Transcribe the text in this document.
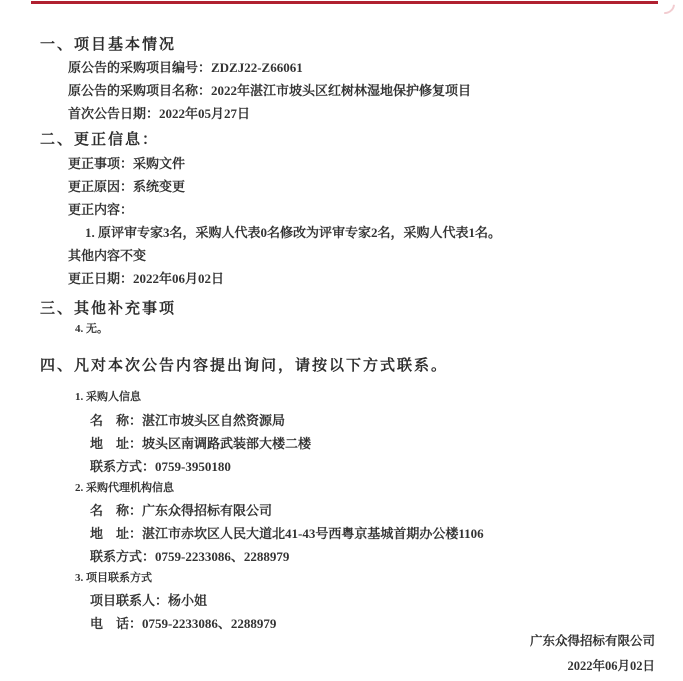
一、项目基本情况
原公告的采购项目编号：ZDZJ22-Z66061
原公告的采购项目名称：2022年湛江市坡头区红树林湿地保护修复项目
首次公告日期：2022年05月27日
二、更正信息：
更正事项：采购文件
更正原因：系统变更
更正内容：
1. 原评审专家3名，采购人代表0名修改为评审专家2名，采购人代表1名。
其他内容不变
更正日期：2022年06月02日
三、其他补充事项
4. 无。
四、凡对本次公告内容提出询问，请按以下方式联系。
1. 采购人信息
名　称：湛江市坡头区自然资源局
地　址：坡头区南调路武装部大楼二楼
联系方式：0759-3950180
2. 采购代理机构信息
名　称：广东众得招标有限公司
地　址：湛江市赤坎区人民大道北41-43号西粤京基城首期办公楼1106
联系方式：0759-2233086、2288979
3. 项目联系方式
项目联系人：杨小姐
电　话：0759-2233086、2288979
广东众得招标有限公司
2022年06月02日
